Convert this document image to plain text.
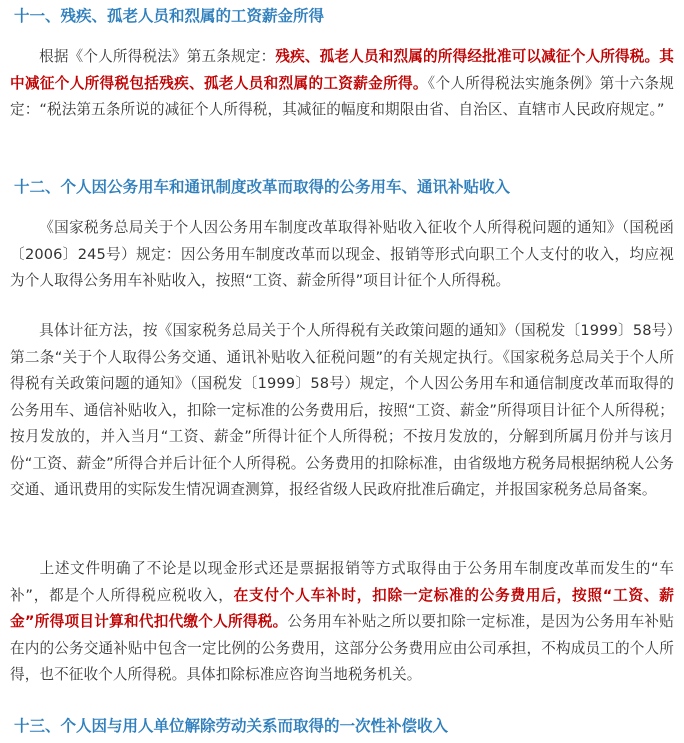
十一、残疾、孤老人员和烈属的工资薪金所得

根据《个人所得税法》第五条规定：残疾、孤老人员和烈属的所得经批准可以减征个人所得税。其中减征个人所得税包括残疾、孤老人员和烈属的工资薪金所得。《个人所得税法实施条例》第十六条规定：“税法第五条所说的减征个人所得税，其减征的幅度和期限由省、自治区、直辖市人民政府规定。”

十二、个人因公务用车和通讯制度改革而取得的公务用车、通讯补贴收入

《国家税务总局关于个人因公务用车制度改革取得补贴收入征收个人所得税问题的通知》（国税函〔2006〕245号）规定：因公务用车制度改革而以现金、报销等形式向职工个人支付的收入，均应视为个人取得公务用车补贴收入，按照“工资、薪金所得”项目计征个人所得税。

具体计征方法，按《国家税务总局关于个人所得税有关政策问题的通知》（国税发〔1999〕58号）第二条“关于个人取得公务交通、通讯补贴收入征税问题”的有关规定执行。《国家税务总局关于个人所得税有关政策问题的通知》（国税发〔1999〕58号）规定，个人因公务用车和通信制度改革而取得的公务用车、通信补贴收入，扣除一定标准的公务费用后，按照“工资、薪金”所得项目计征个人所得税；按月发放的，并入当月“工资、薪金”所得计征个人所得税；不按月发放的，分解到所属月份并与该月份“工资、薪金”所得合并后计征个人所得税。公务费用的扣除标准，由省级地方税务局根据纳税人公务交通、通讯费用的实际发生情况调查测算，报经省级人民政府批准后确定，并报国家税务总局备案。

上述文件明确了不论是以现金形式还是票据报销等方式取得由于公务用车制度改革而发生的“车补”，都是个人所得税应税收入，在支付个人车补时，扣除一定标准的公务费用后，按照“工资、薪金”所得项目计算和代扣代缴个人所得税。公务用车补贴之所以要扣除一定标准，是因为公务用车补贴在内的公务交通补贴中包含一定比例的公务费用，这部分公务费用应由公司承担，不构成员工的个人所得，也不征收个人所得税。具体扣除标准应咨询当地税务机关。

十三、个人因与用人单位解除劳动关系而取得的一次性补偿收入
